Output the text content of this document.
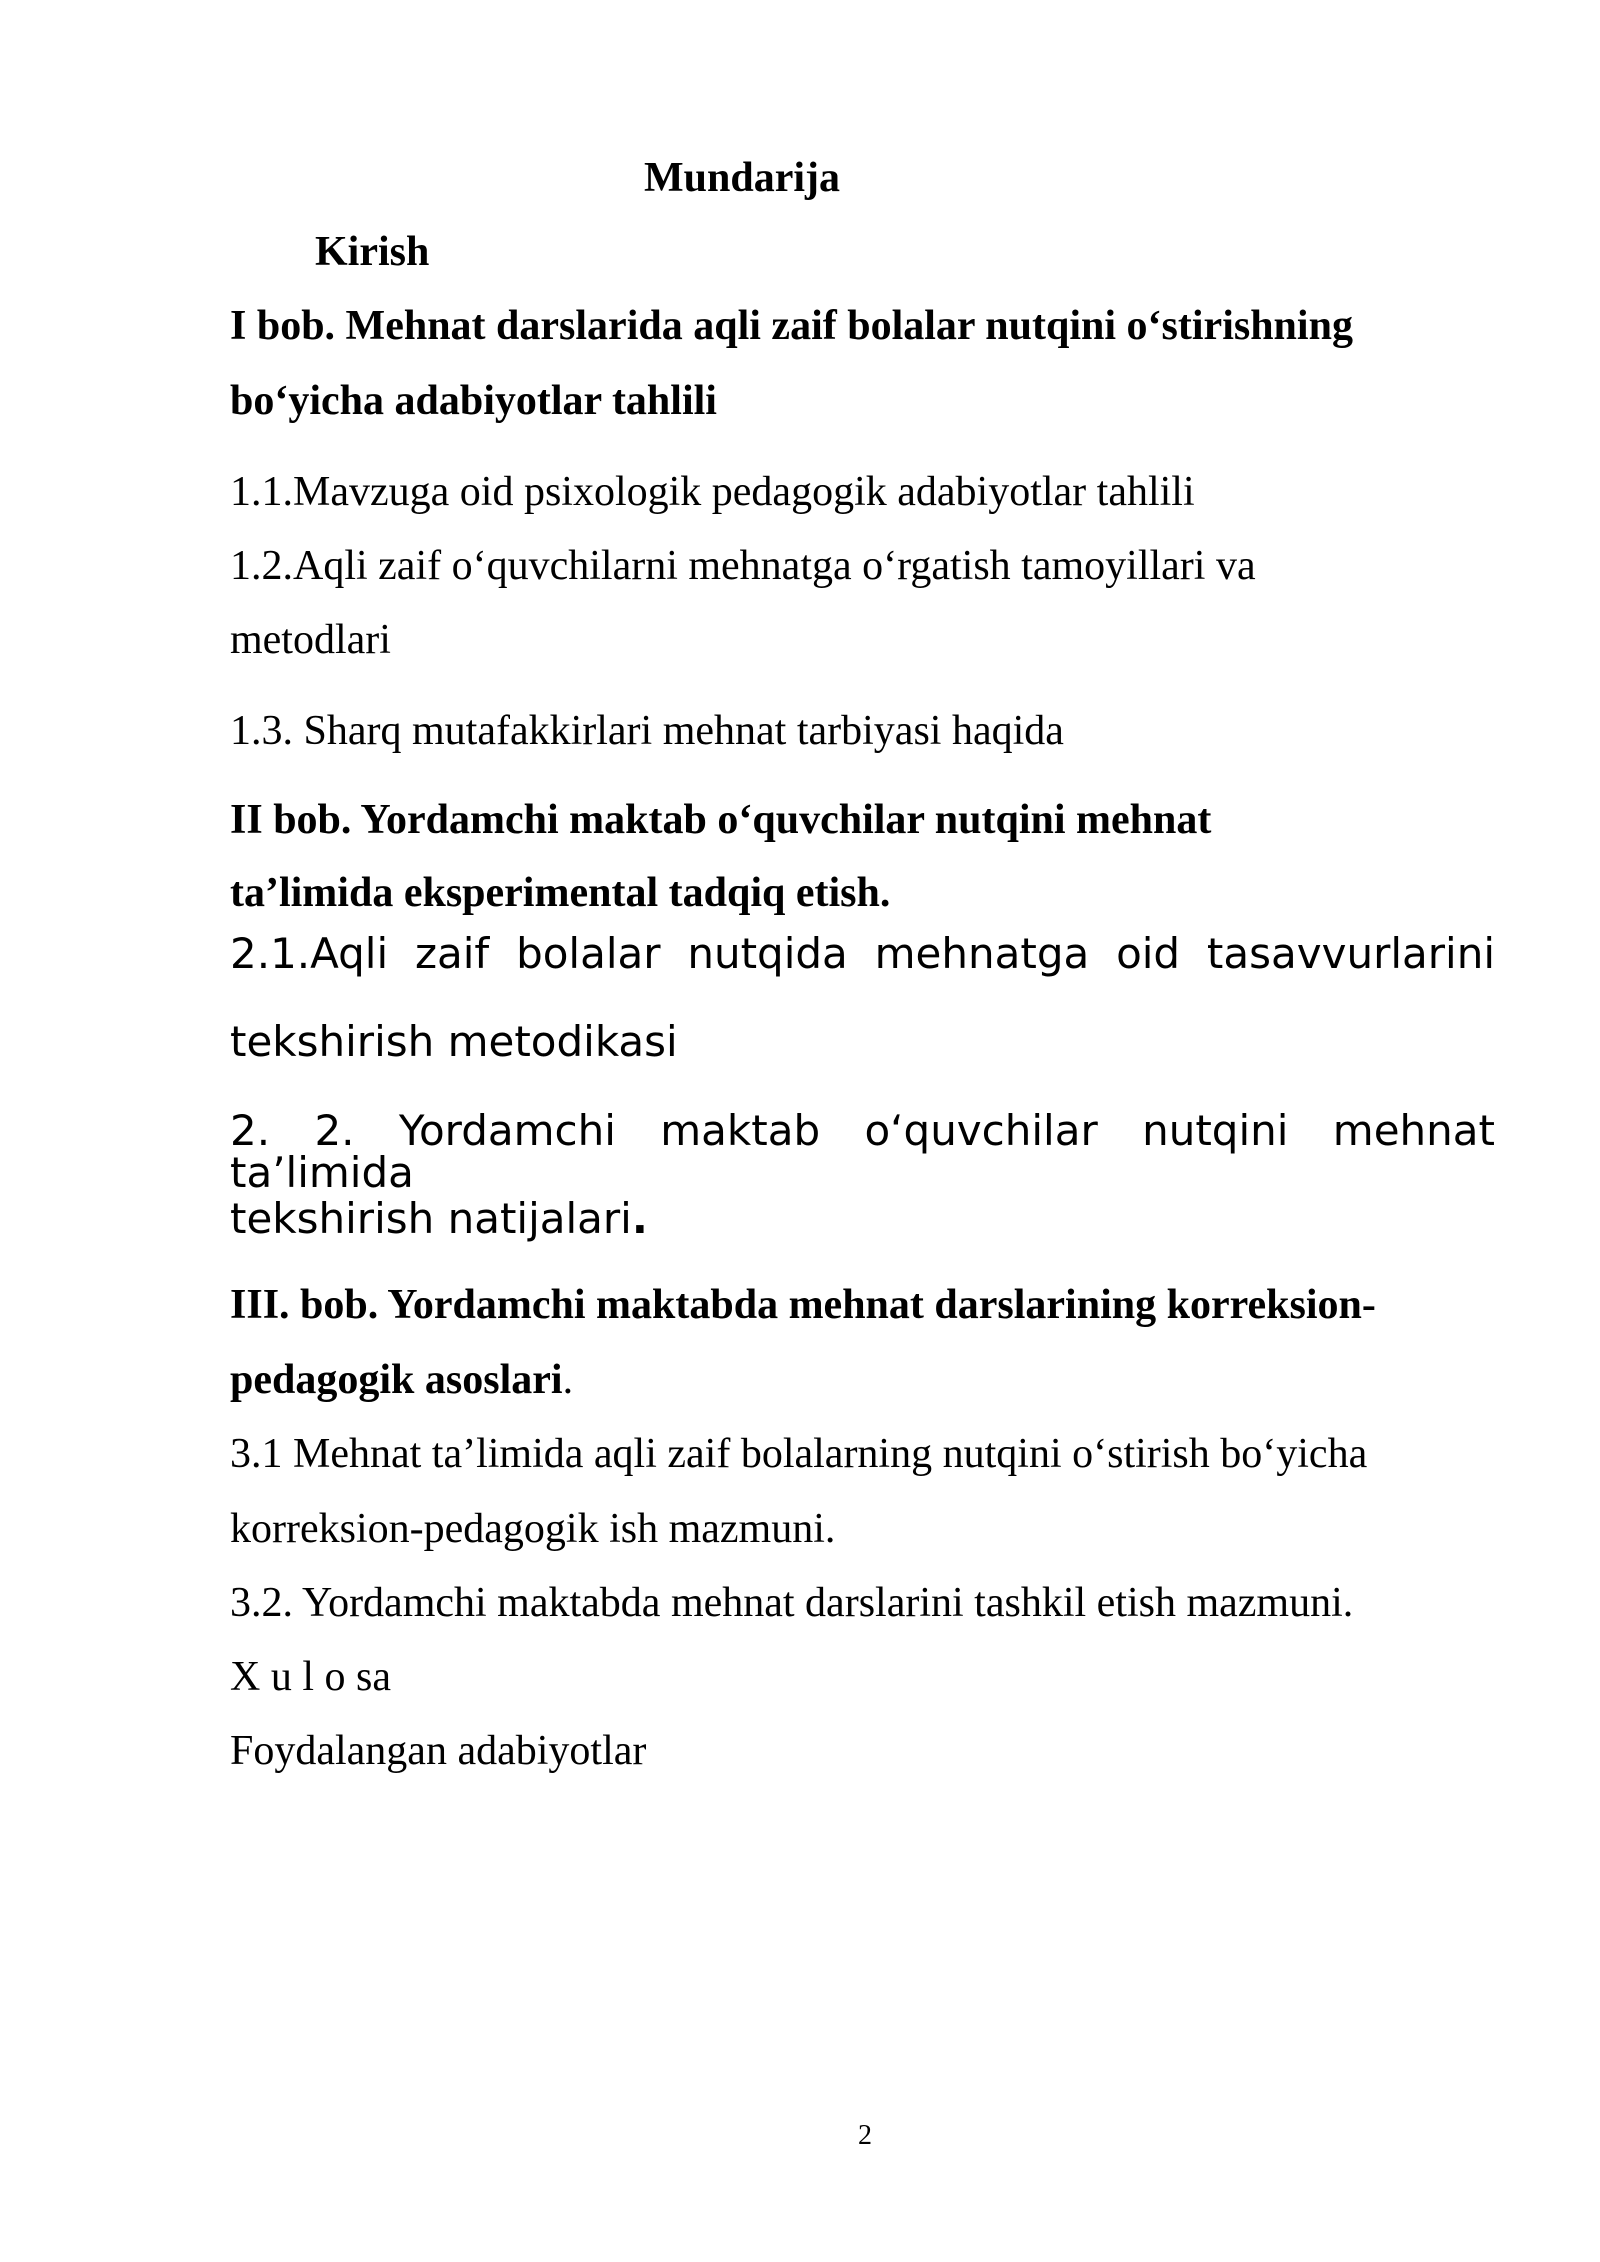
Mundarija
Kirish
I bob. Mehnat darslarida aqli zaif bolalar nutqini oʻstirishning
boʻyicha adabiyotlar tahlili
1.1.Mavzuga oid psixologik pedagogik adabiyotlar tahlili
1.2.Aqli zaif oʻquvchilarni mehnatga oʻrgatish tamoyillari va
metodlari
1.3. Sharq mutafakkirlari mehnat tarbiyasi haqida
II bob. Yordamchi maktab oʻquvchilar nutqini mehnat
ta’limida eksperimental tadqiq etish.
2.1.Aqli zaif bolalar nutqida mehnatga oid tasavvurlarini
tekshirish metodikasi
2. 2. Yordamchi maktab oʻquvchilar nutqini mehnat ta’limida
tekshirish natijalari.
III. bob. Yordamchi maktabda mehnat darslarining korreksion-
pedagogik asoslari.
3.1 Mehnat ta’limida aqli zaif bolalarning nutqini oʻstirish boʻyicha
korreksion-pedagogik ish mazmuni.
3.2. Yordamchi maktabda mehnat darslarini tashkil etish mazmuni.
X u l o sa
Foydalangan adabiyotlar
2
